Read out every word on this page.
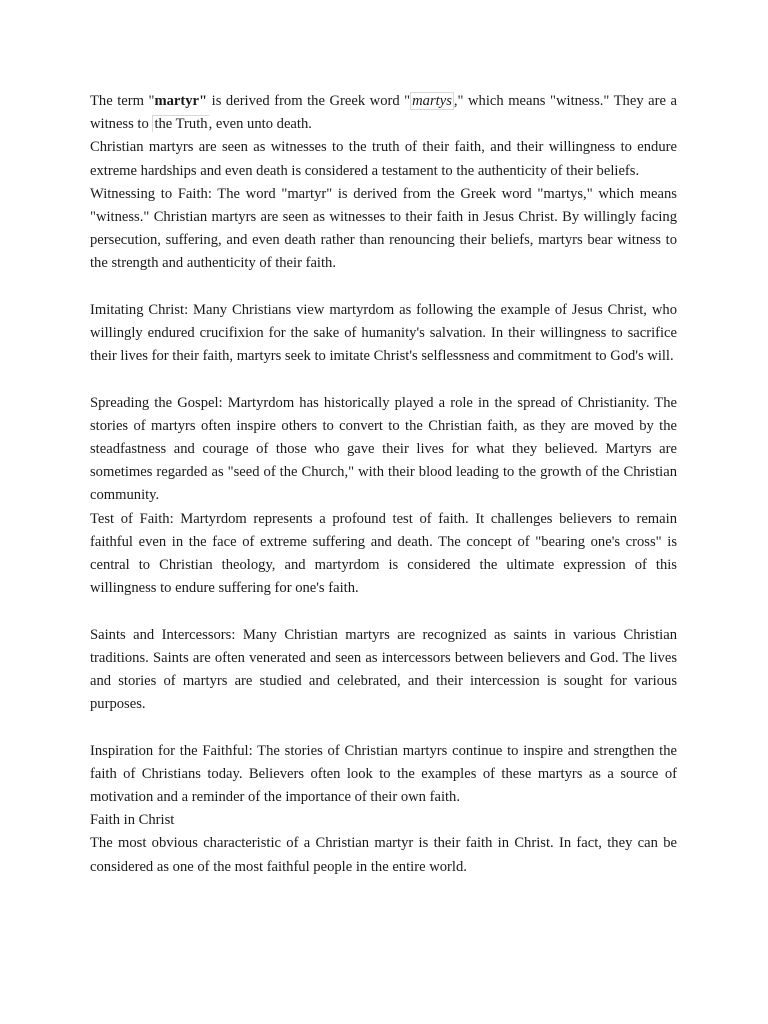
The term "martyr" is derived from the Greek word " martys ," which means "witness." They are a witness to the Truth, even unto death.

Christian martyrs are seen as witnesses to the truth of their faith, and their willingness to endure extreme hardships and even death is considered a testament to the authenticity of their beliefs.

Witnessing to Faith: The word "martyr" is derived from the Greek word "martys," which means "witness." Christian martyrs are seen as witnesses to their faith in Jesus Christ. By willingly facing persecution, suffering, and even death rather than renouncing their beliefs, martyrs bear witness to the strength and authenticity of their faith.

Imitating Christ: Many Christians view martyrdom as following the example of Jesus Christ, who willingly endured crucifixion for the sake of humanity's salvation. In their willingness to sacrifice their lives for their faith, martyrs seek to imitate Christ's selflessness and commitment to God's will.

Spreading the Gospel: Martyrdom has historically played a role in the spread of Christianity. The stories of martyrs often inspire others to convert to the Christian faith, as they are moved by the steadfastness and courage of those who gave their lives for what they believed. Martyrs are sometimes regarded as "seed of the Church," with their blood leading to the growth of the Christian community.

Test of Faith: Martyrdom represents a profound test of faith. It challenges believers to remain faithful even in the face of extreme suffering and death. The concept of "bearing one's cross" is central to Christian theology, and martyrdom is considered the ultimate expression of this willingness to endure suffering for one's faith.

Saints and Intercessors: Many Christian martyrs are recognized as saints in various Christian traditions. Saints are often venerated and seen as intercessors between believers and God. The lives and stories of martyrs are studied and celebrated, and their intercession is sought for various purposes.

Inspiration for the Faithful: The stories of Christian martyrs continue to inspire and strengthen the faith of Christians today. Believers often look to the examples of these martyrs as a source of motivation and a reminder of the importance of their own faith.

Faith in Christ

The most obvious characteristic of a Christian martyr is their faith in Christ. In fact, they can be considered as one of the most faithful people in the entire world.
